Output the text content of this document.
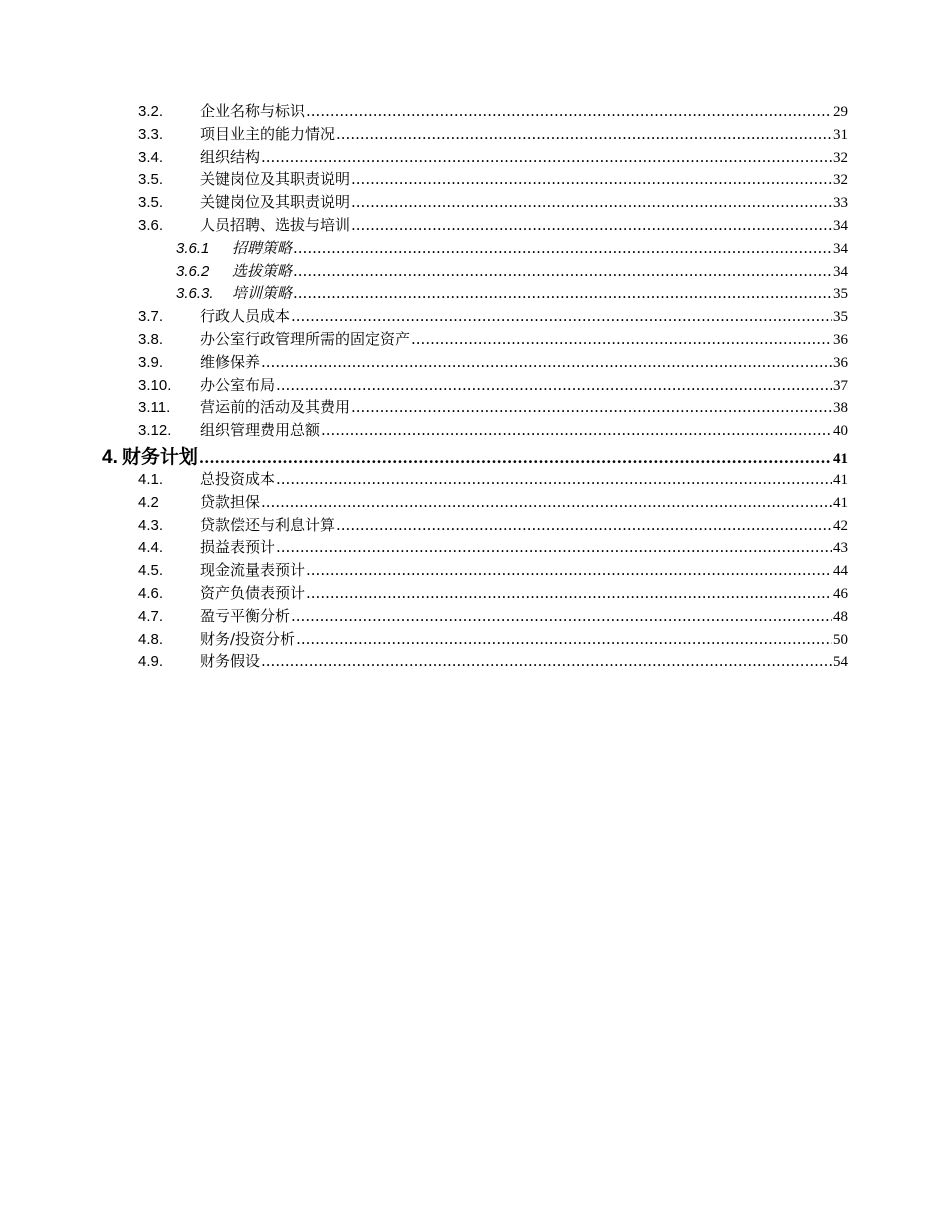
3.2.	企业名称与标识 .....	29
3.3.	项目业主的能力情况 .....	31
3.4.	组织结构 .....	32
3.5.	关键岗位及其职责说明 .....	32
3.5.	关键岗位及其职责说明 .....	33
3.6.	人员招聘、选拔与培训 .....	34
3.6.1	招聘策略 .....	34
3.6.2	选拔策略 .....	34
3.6.3.	培训策略 .....	35
3.7.	行政人员成本 .....	35
3.8.	办公室行政管理所需的固定资产 .....	36
3.9.	维修保养 .....	36
3.10.	办公室布局 .....	37
3.11.	营运前的活动及其费用 .....	38
3.12.	组织管理费用总额 .....	40
4. 财务计划 .....	41
4.1.	总投资成本 .....	41
4.2	贷款担保 .....	41
4.3.	贷款偿还与利息计算 .....	42
4.4.	损益表预计 .....	43
4.5.	现金流量表预计 .....	44
4.6.	资产负债表预计 .....	46
4.7.	盈亏平衡分析 .....	48
4.8.	财务/投资分析 .....	50
4.9.	财务假设 .....	54
